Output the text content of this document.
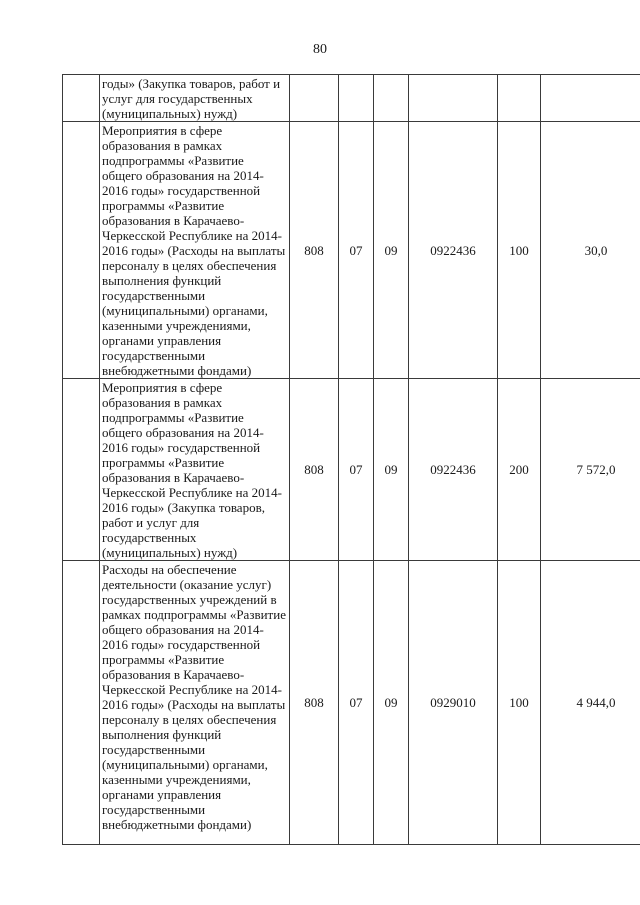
80
	годы» (Закупка товаров, работ и услуг для государственных (муниципальных) нужд)						
	Мероприятия в сфере образования в рамках подпрограммы «Развитие общего образования на 2014-2016 годы» государственной программы «Развитие образования в Карачаево-Черкесской Республике на 2014-2016 годы» (Расходы на выплаты персоналу в целях обеспечения выполнения функций государственными (муниципальными) органами, казенными учреждениями, органами управления государственными внебюджетными фондами)	808	07	09	0922436	100	30,0
	Мероприятия в сфере образования в рамках подпрограммы «Развитие общего образования на 2014-2016 годы» государственной программы «Развитие образования в Карачаево-Черкесской Республике на 2014-2016 годы» (Закупка товаров, работ и услуг для государственных (муниципальных) нужд)	808	07	09	0922436	200	7 572,0
	Расходы на обеспечение деятельности (оказание услуг) государственных учреждений в рамках подпрограммы «Развитие общего образования на 2014-2016 годы» государственной программы «Развитие образования в Карачаево-Черкесской Республике на 2014-2016 годы» (Расходы на выплаты персоналу в целях обеспечения выполнения функций государственными (муниципальными) органами, казенными учреждениями, органами управления государственными внебюджетными фондами)	808	07	09	0929010	100	4 944,0
